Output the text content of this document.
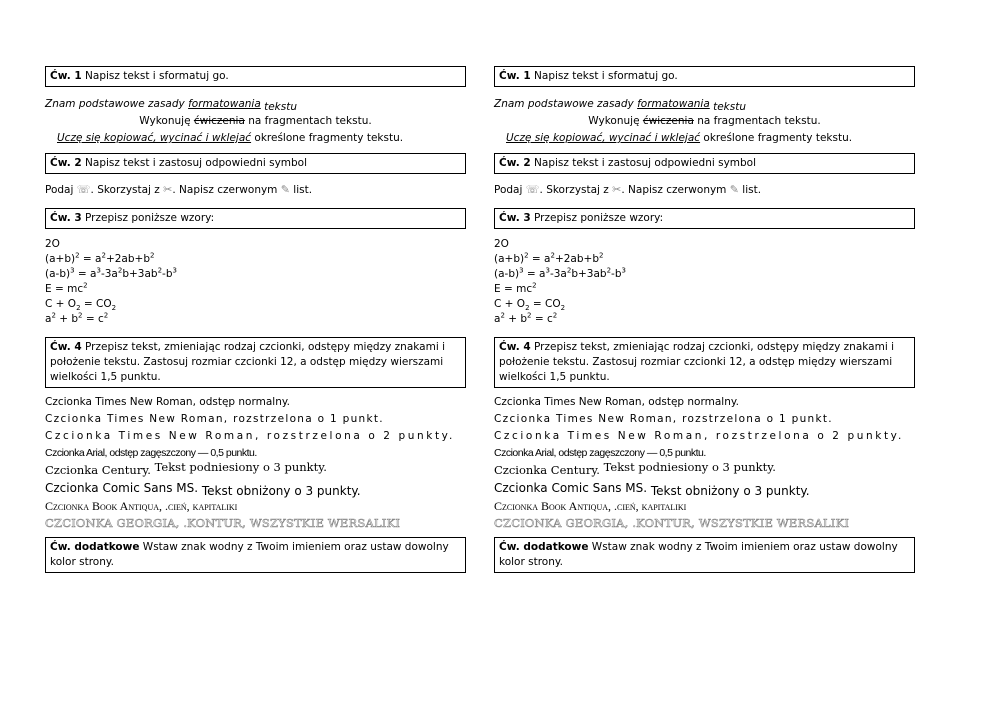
Ćw. 1 Napisz tekst i sformatuj go.
Znam podstawowe zasady formatowania tekstu
Wykonuję ćwiczenia na fragmentach tekstu.
Uczę się kopiować, wycinać i wklejać określone fragmenty tekstu.
Ćw. 2 Napisz tekst i zastosuj odpowiedni symbol
Podaj ☏. Skorzystaj z ✂. Napisz czerwonym ✎ list.
Ćw. 3 Przepisz poniższe wzory:
2O
$(a+b)^2 = a^2+2ab+b^2$
$(a-b)^3 = a^3-3a^2b+3ab^2-b^3$
$E = mc^2$
$C + O_2 = CO_2$
$a^2 + b^2 = c^2$
Ćw. 4 Przepisz tekst, zmieniając rodzaj czcionki, odstępy między znakami i położenie tekstu. Zastosuj rozmiar czcionki 12, a odstęp między wierszami wielkości 1,5 punktu.
Czcionka Times New Roman, odstęp normalny.
Czcionka Times New Roman, rozstrzelona o 1 punkt.
Czcionka Times New Roman, rozstrzelona o 2 punkty.
Czcionka Arial, odstęp zagęszczony — 0,5 punktu.
Czcionka Century. Tekst podniesiony o 3 punkty.
Czcionka Comic Sans MS. Tekst obniżony o 3 punkty.
Czcionka Book Antiqua, .cień, kapitaliki
CZCIONKA GEORGIA, .KONTUR, WSZYSTKIE WERSALIKI
Ćw. dodatkowe Wstaw znak wodny z Twoim imieniem oraz ustaw dowolny kolor strony.
Ćw. 1 Napisz tekst i sformatuj go.
Znam podstawowe zasady formatowania tekstu
Wykonuję ćwiczenia na fragmentach tekstu.
Uczę się kopiować, wycinać i wklejać określone fragmenty tekstu.
Ćw. 2 Napisz tekst i zastosuj odpowiedni symbol
Podaj ☏. Skorzystaj z ✂. Napisz czerwonym ✎ list.
Ćw. 3 Przepisz poniższe wzory:
2O
$(a+b)^2 = a^2+2ab+b^2$
$(a-b)^3 = a^3-3a^2b+3ab^2-b^3$
$E = mc^2$
$C + O_2 = CO_2$
$a^2 + b^2 = c^2$
Ćw. 4 Przepisz tekst, zmieniając rodzaj czcionki, odstępy między znakami i położenie tekstu. Zastosuj rozmiar czcionki 12, a odstęp między wierszami wielkości 1,5 punktu.
Czcionka Times New Roman, odstęp normalny.
Czcionka Times New Roman, rozstrzelona o 1 punkt.
Czcionka Times New Roman, rozstrzelona o 2 punkty.
Czcionka Arial, odstęp zagęszczony — 0,5 punktu.
Czcionka Century. Tekst podniesiony o 3 punkty.
Czcionka Comic Sans MS. Tekst obniżony o 3 punkty.
Czcionka Book Antiqua, .cień, kapitaliki
CZCIONKA GEORGIA, .KONTUR, WSZYSTKIE WERSALIKI
Ćw. dodatkowe Wstaw znak wodny z Twoim imieniem oraz ustaw dowolny kolor strony.
